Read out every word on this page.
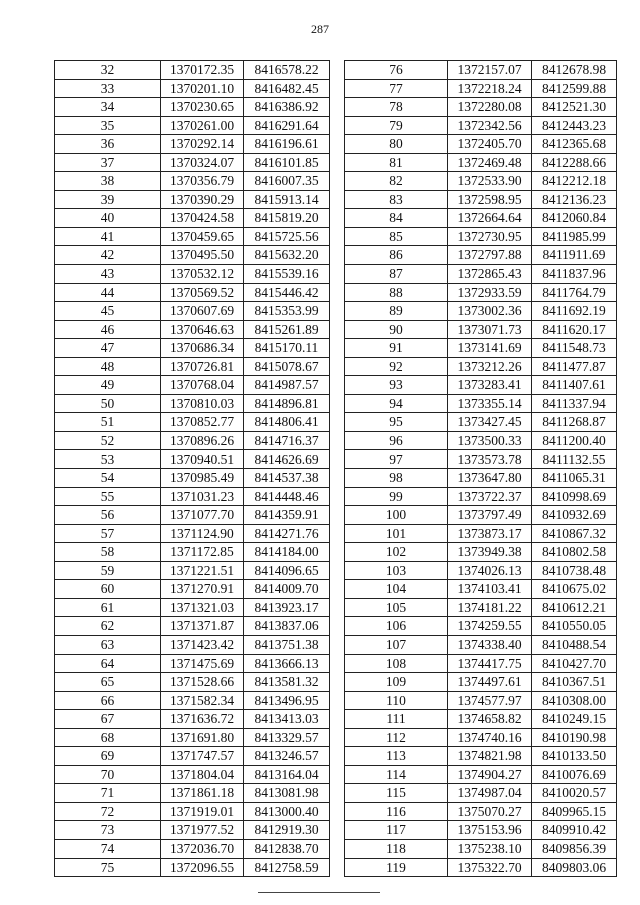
287
32	1370172.35	8416578.22
33	1370201.10	8416482.45
34	1370230.65	8416386.92
35	1370261.00	8416291.64
36	1370292.14	8416196.61
37	1370324.07	8416101.85
38	1370356.79	8416007.35
39	1370390.29	8415913.14
40	1370424.58	8415819.20
41	1370459.65	8415725.56
42	1370495.50	8415632.20
43	1370532.12	8415539.16
44	1370569.52	8415446.42
45	1370607.69	8415353.99
46	1370646.63	8415261.89
47	1370686.34	8415170.11
48	1370726.81	8415078.67
49	1370768.04	8414987.57
50	1370810.03	8414896.81
51	1370852.77	8414806.41
52	1370896.26	8414716.37
53	1370940.51	8414626.69
54	1370985.49	8414537.38
55	1371031.23	8414448.46
56	1371077.70	8414359.91
57	1371124.90	8414271.76
58	1371172.85	8414184.00
59	1371221.51	8414096.65
60	1371270.91	8414009.70
61	1371321.03	8413923.17
62	1371371.87	8413837.06
63	1371423.42	8413751.38
64	1371475.69	8413666.13
65	1371528.66	8413581.32
66	1371582.34	8413496.95
67	1371636.72	8413413.03
68	1371691.80	8413329.57
69	1371747.57	8413246.57
70	1371804.04	8413164.04
71	1371861.18	8413081.98
72	1371919.01	8413000.40
73	1371977.52	8412919.30
74	1372036.70	8412838.70
75	1372096.55	8412758.59
76	1372157.07	8412678.98
77	1372218.24	8412599.88
78	1372280.08	8412521.30
79	1372342.56	8412443.23
80	1372405.70	8412365.68
81	1372469.48	8412288.66
82	1372533.90	8412212.18
83	1372598.95	8412136.23
84	1372664.64	8412060.84
85	1372730.95	8411985.99
86	1372797.88	8411911.69
87	1372865.43	8411837.96
88	1372933.59	8411764.79
89	1373002.36	8411692.19
90	1373071.73	8411620.17
91	1373141.69	8411548.73
92	1373212.26	8411477.87
93	1373283.41	8411407.61
94	1373355.14	8411337.94
95	1373427.45	8411268.87
96	1373500.33	8411200.40
97	1373573.78	8411132.55
98	1373647.80	8411065.31
99	1373722.37	8410998.69
100	1373797.49	8410932.69
101	1373873.17	8410867.32
102	1373949.38	8410802.58
103	1374026.13	8410738.48
104	1374103.41	8410675.02
105	1374181.22	8410612.21
106	1374259.55	8410550.05
107	1374338.40	8410488.54
108	1374417.75	8410427.70
109	1374497.61	8410367.51
110	1374577.97	8410308.00
111	1374658.82	8410249.15
112	1374740.16	8410190.98
113	1374821.98	8410133.50
114	1374904.27	8410076.69
115	1374987.04	8410020.57
116	1375070.27	8409965.15
117	1375153.96	8409910.42
118	1375238.10	8409856.39
119	1375322.70	8409803.06
